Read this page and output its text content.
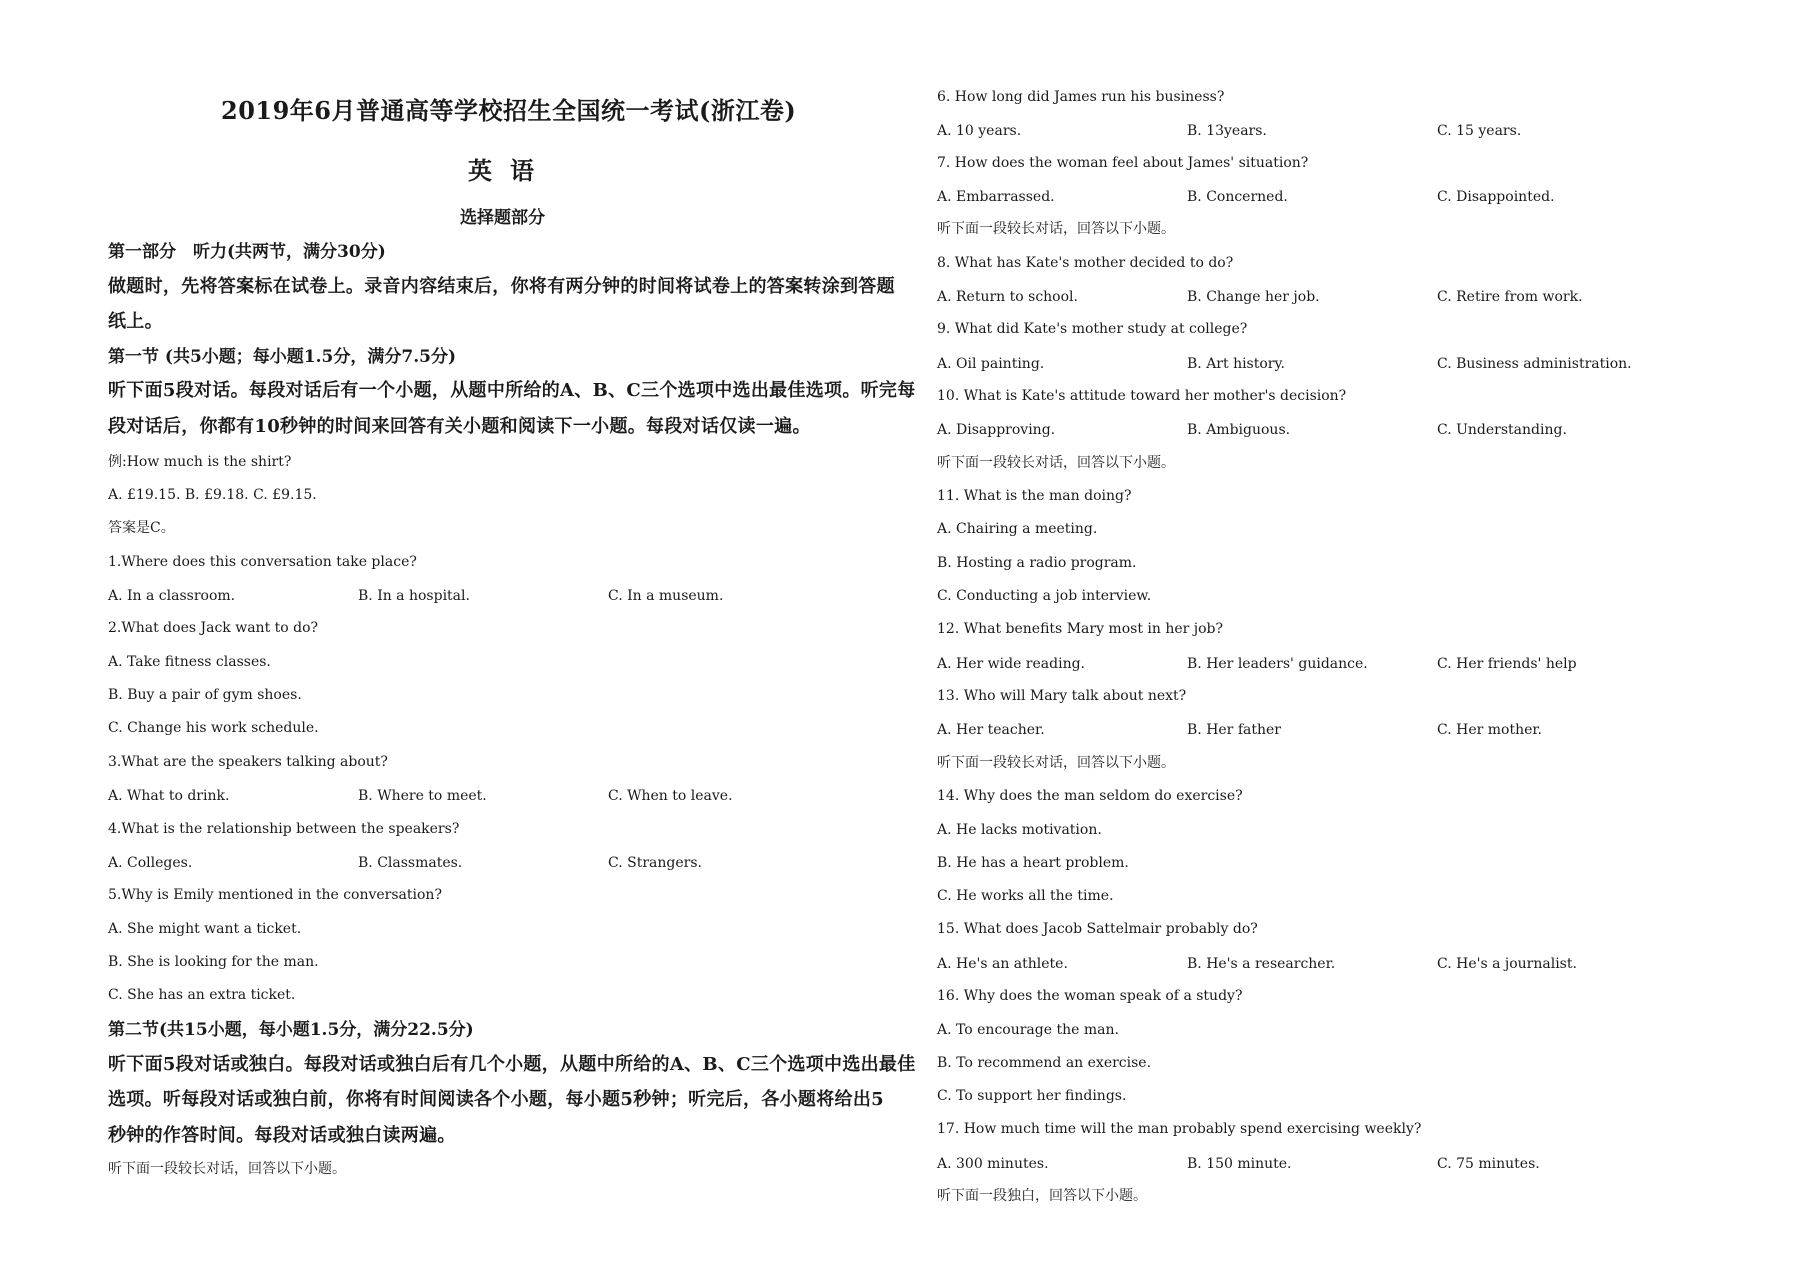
2019年6月普通高等学校招生全国统一考试(浙江卷)
英语
选择题部分
第一部分　听力(共两节，满分30分)
做题时，先将答案标在试卷上。录音内容结束后，你将有两分钟的时间将试卷上的答案转涂到答题
纸上。
第一节 (共5小题；每小题1.5分，满分7.5分)
听下面5段对话。每段对话后有一个小题，从题中所给的A、B、C三个选项中选出最佳选项。听完每
段对话后，你都有10秒钟的时间来回答有关小题和阅读下一小题。每段对话仅读一遍。
例:How much is the shirt?
A. £19.15. B. £9.18. C. £9.15.
答案是C。
1.Where does this conversation take place?
A. In a classroom.	B. In a hospital.	C. In a museum.
2.What does Jack want to do?
A. Take fitness classes.
B. Buy a pair of gym shoes.
C. Change his work schedule.
3.What are the speakers talking about?
A. What to drink.	B. Where to meet.	C. When to leave.
4.What is the relationship between the speakers?
A. Colleges.	B. Classmates.	C. Strangers.
5.Why is Emily mentioned in the conversation?
A. She might want a ticket.
B. She is looking for the man.
C. She has an extra ticket.
第二节(共15小题，每小题1.5分，满分22.5分)
听下面5段对话或独白。每段对话或独白后有几个小题，从题中所给的A、B、C三个选项中选出最佳
选项。听每段对话或独白前，你将有时间阅读各个小题，每小题5秒钟；听完后，各小题将给出5
秒钟的作答时间。每段对话或独白读两遍。
听下面一段较长对话，回答以下小题。
6. How long did James run his business?
A. 10 years.	B. 13years.	C. 15 years.
7. How does the woman feel about James' situation?
A. Embarrassed.	B. Concerned.	C. Disappointed.
听下面一段较长对话，回答以下小题。
8. What has Kate's mother decided to do?
A. Return to school.	B. Change her job.	C. Retire from work.
9. What did Kate's mother study at college?
A. Oil painting.	B. Art history.	C. Business administration.
10. What is Kate's attitude toward her mother's decision?
A. Disapproving.	B. Ambiguous.	C. Understanding.
听下面一段较长对话，回答以下小题。
11. What is the man doing?
A. Chairing a meeting.
B. Hosting a radio program.
C. Conducting a job interview.
12. What benefits Mary most in her job?
A. Her wide reading.	B. Her leaders' guidance.	C. Her friends' help
13. Who will Mary talk about next?
A. Her teacher.	B. Her father	C. Her mother.
听下面一段较长对话，回答以下小题。
14. Why does the man seldom do exercise?
A. He lacks motivation.
B. He has a heart problem.
C. He works all the time.
15. What does Jacob Sattelmair probably do?
A. He's an athlete.	B. He's a researcher.	C. He's a journalist.
16. Why does the woman speak of a study?
A. To encourage the man.
B. To recommend an exercise.
C. To support her findings.
17. How much time will the man probably spend exercising weekly?
A. 300 minutes.	B. 150 minute.	C. 75 minutes.
听下面一段独白，回答以下小题。
